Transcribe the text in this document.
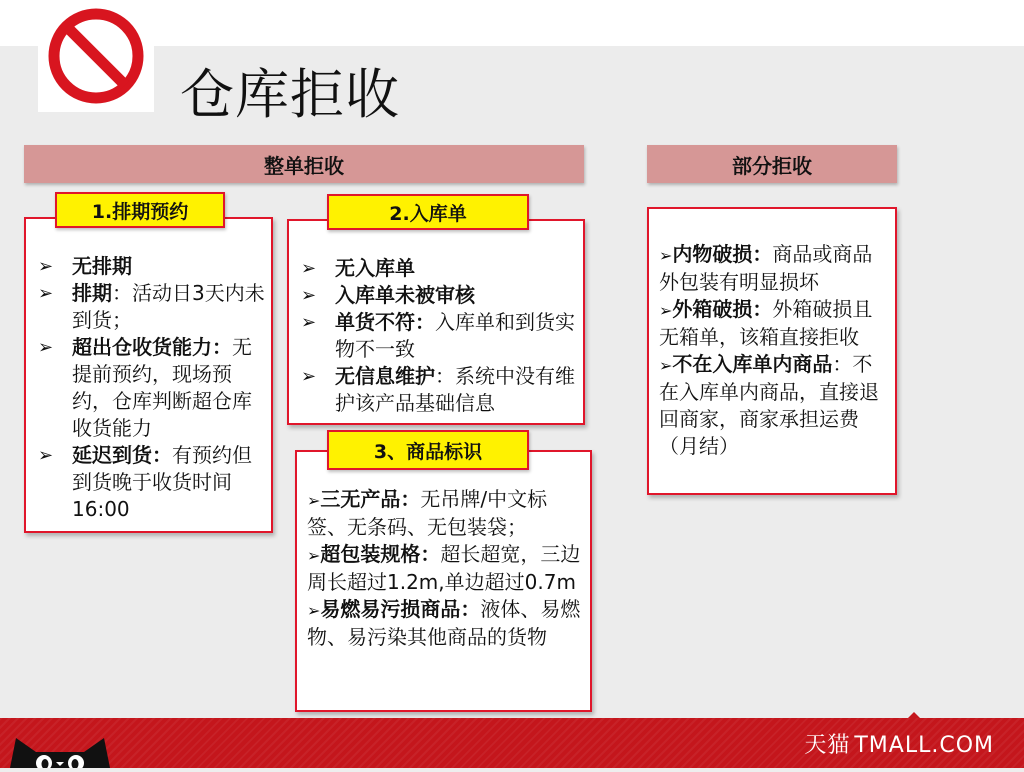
仓库拒收
整单拒收	部分拒收
➢ 无排期
➢ 排期：活动日3天内未到货；
➢ 超出仓收货能力：无提前预约，现场预约，仓库判断超仓库收货能力
➢ 延迟到货：有预约但到货晚于收货时间16:00
1.排期预约
➢ 无入库单
➢ 入库单未被审核
➢ 单货不符：入库单和到货实物不一致
➢ 无信息维护：系统中没有维护该产品基础信息
2.入库单

➢三无产品：无吊牌/中文标签、无条码、无包装袋；

➢超包装规格：超长超宽，三边周长超过1.2m,单边超过0.7m

➢易燃易污损商品：液体、易燃物、易污染其他商品的货物

3、商品标识

➢内物破损：商品或商品外包装有明显损坏

➢外箱破损：外箱破损且无箱单，该箱直接拒收

➢不在入库单内商品：不在入库单内商品，直接退回商家，商家承担运费（月结）

天猫 TMALL.COM
